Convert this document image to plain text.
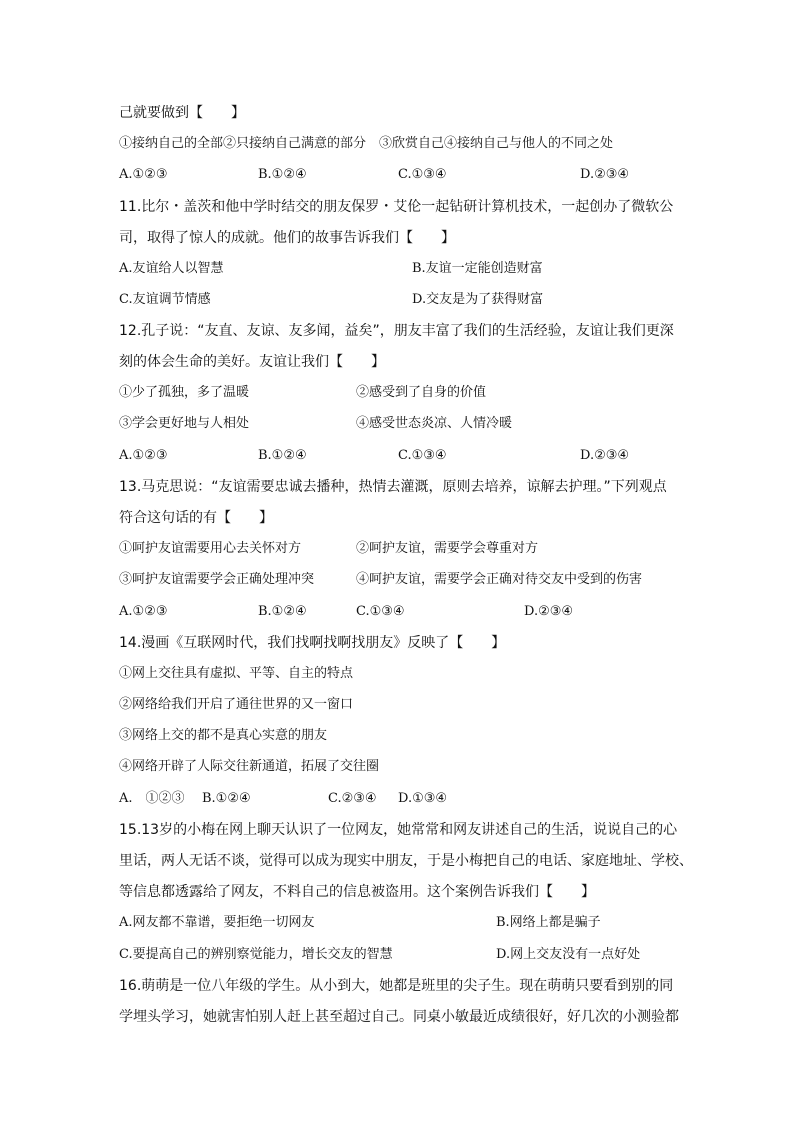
己就要做到【　　】
①接纳自己的全部②只接纳自己满意的部分　③欣赏自己④接纳自己与他人的不同之处
A.①②③	B.①②④	C.①③④	D.②③④
11.比尔・盖茨和他中学时结交的朋友保罗・艾伦一起钻研计算机技术，一起创办了微软公
司，取得了惊人的成就。他们的故事告诉我们【　　】
A.友谊给人以智慧	B.友谊一定能创造财富
C.友谊调节情感	D.交友是为了获得财富
12.孔子说：“友直、友谅、友多闻，益矣”，朋友丰富了我们的生活经验，友谊让我们更深
刻的体会生命的美好。友谊让我们【　　】
①少了孤独，多了温暖	②感受到了自身的价值
③学会更好地与人相处	④感受世态炎凉、人情冷暖
A.①②③	B.①②④	C.①③④	D.②③④
13.马克思说：“友谊需要忠诚去播种，热情去灌溉，原则去培养，谅解去护理。”下列观点
符合这句话的有【　　】
①呵护友谊需要用心去关怀对方	②呵护友谊，需要学会尊重对方
③呵护友谊需要学会正确处理冲突	④呵护友谊，需要学会正确对待交友中受到的伤害
A.①②③	B.①②④	C.①③④	D.②③④
14.漫画《互联网时代，我们找啊找啊找朋友》反映了【　　】
①网上交往具有虚拟、平等、自主的特点
②网络给我们开启了通往世界的又一窗口
③网络上交的都不是真心实意的朋友
④网络开辟了人际交往新通道，拓展了交往圈
A.　①②③ B.①②④	C.②③④ D.①③④
15.13岁的小梅在网上聊天认识了一位网友，她常常和网友讲述自己的生活，说说自己的心
里话，两人无话不谈，觉得可以成为现实中朋友，于是小梅把自己的电话、家庭地址、学校、
等信息都透露给了网友，不料自己的信息被盗用。这个案例告诉我们【　　】
A.网友都不靠谱，要拒绝一切网友	B.网络上都是骗子
C.要提高自己的辨别察觉能力，增长交友的智慧	D.网上交友没有一点好处
16.萌萌是一位八年级的学生。从小到大，她都是班里的尖子生。现在萌萌只要看到别的同
学埋头学习，她就害怕别人赶上甚至超过自己。同桌小敏最近成绩很好，好几次的小测验都
